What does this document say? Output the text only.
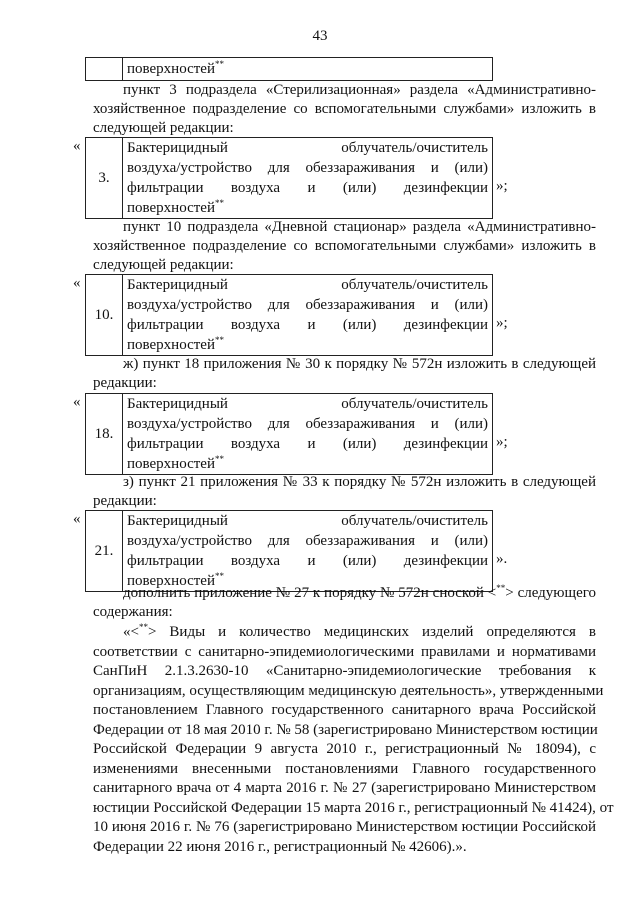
43
поверхностей**
пункт 3 подраздела «Стерилизационная» раздела «Административно-
хозяйственное подразделение со вспомогательными службами» изложить в
следующей редакции:
«
3.
Бактерицидный	облучатель/очиститель
воздуха/устройство для обеззараживания и (или)
фильтрации воздуха и (или) дезинфекции
поверхностей**
»;
пункт 10 подраздела «Дневной стационар» раздела «Административно-
хозяйственное подразделение со вспомогательными службами» изложить в
следующей редакции:
«
10.
Бактерицидный	облучатель/очиститель
воздуха/устройство для обеззараживания и (или)
фильтрации воздуха и (или) дезинфекции
поверхностей**
»;
ж) пункт 18 приложения № 30 к порядку № 572н изложить в следующей
редакции:
«
18.
Бактерицидный	облучатель/очиститель
воздуха/устройство для обеззараживания и (или)
фильтрации воздуха и (или) дезинфекции
поверхностей**
»;
з) пункт 21 приложения № 33 к порядку № 572н изложить в следующей
редакции:
«
21.
Бактерицидный	облучатель/очиститель
воздуха/устройство для обеззараживания и (или)
фильтрации воздуха и (или) дезинфекции
поверхностей**
».
дополнить приложение № 27 к порядку № 572н сноской <**> следующего
содержания:
«<**> Виды и количество медицинских изделий определяются в
соответствии с санитарно-эпидемиологическими правилами и нормативами
СанПиН 2.1.3.2630-10 «Санитарно-эпидемиологические требования к
организациям, осуществляющим медицинскую деятельность», утвержденными
постановлением Главного государственного санитарного врача Российской
Федерации от 18 мая 2010 г. № 58 (зарегистрировано Министерством юстиции
Российской Федерации 9 августа 2010 г., регистрационный № 18094), с
изменениями внесенными постановлениями Главного государственного
санитарного врача от 4 марта 2016 г. № 27 (зарегистрировано Министерством
юстиции Российской Федерации 15 марта 2016 г., регистрационный № 41424), от
10 июня 2016 г. № 76 (зарегистрировано Министерством юстиции Российской
Федерации 22 июня 2016 г., регистрационный № 42606).».
